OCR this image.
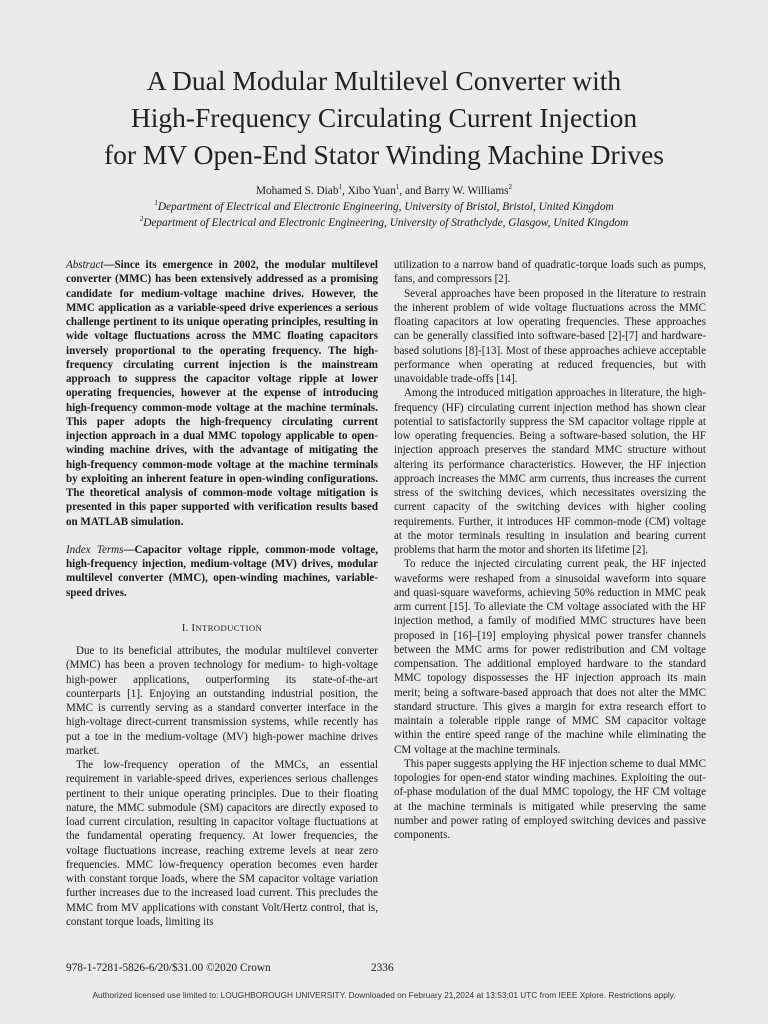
A Dual Modular Multilevel Converter with
High-Frequency Circulating Current Injection
for MV Open-End Stator Winding Machine Drives
Mohamed S. Diab$^1$, Xibo Yuan$^1$, and Barry W. Williams$^2$
$^1$Department of Electrical and Electronic Engineering, University of Bristol, Bristol, United Kingdom
$^2$Department of Electrical and Electronic Engineering, University of Strathclyde, Glasgow, United Kingdom

Abstract—Since its emergence in 2002, the modular multilevel converter (MMC) has been extensively addressed as a promising candidate for medium-voltage machine drives. However, the MMC application as a variable-speed drive experiences a serious challenge pertinent to its unique operating principles, resulting in wide voltage fluctuations across the MMC floating capacitors inversely proportional to the operating frequency. The high-frequency circulating current injection is the mainstream approach to suppress the capacitor voltage ripple at lower operating frequencies, however at the expense of introducing high-frequency common-mode voltage at the machine terminals. This paper adopts the high-frequency circulating current injection approach in a dual MMC topology applicable to open-winding machine drives, with the advantage of mitigating the high-frequency common-mode voltage at the machine terminals by exploiting an inherent feature in open-winding configurations. The theoretical analysis of common-mode voltage mitigation is presented in this paper supported with verification results based on MATLAB simulation.

Index Terms—Capacitor voltage ripple, common-mode voltage, high-frequency injection, medium-voltage (MV) drives, modular multilevel converter (MMC), open-winding machines, variable-speed drives.

I. INTRODUCTION

Due to its beneficial attributes, the modular multilevel converter (MMC) has been a proven technology for medium- to high-voltage high-power applications, outperforming its state-of-the-art counterparts [1]. Enjoying an outstanding industrial position, the MMC is currently serving as a standard converter interface in the high-voltage direct-current transmission systems, while recently has put a toe in the medium-voltage (MV) high-power machine drives market.

The low-frequency operation of the MMCs, an essential requirement in variable-speed drives, experiences serious challenges pertinent to their unique operating principles. Due to their floating nature, the MMC submodule (SM) capacitors are directly exposed to load current circulation, resulting in capacitor voltage fluctuations at the fundamental operating frequency. At lower frequencies, the voltage fluctuations increase, reaching extreme levels at near zero frequencies. MMC low-frequency operation becomes even harder with constant torque loads, where the SM capacitor voltage variation further increases due to the increased load current. This precludes the MMC from MV applications with constant Volt/Hertz control, that is, constant torque loads, limiting its

utilization to a narrow band of quadratic-torque loads such as pumps, fans, and compressors [2].

Several approaches have been proposed in the literature to restrain the inherent problem of wide voltage fluctuations across the MMC floating capacitors at low operating frequencies. These approaches can be generally classified into software-based [2]-[7] and hardware-based solutions [8]-[13]. Most of these approaches achieve acceptable performance when operating at reduced frequencies, but with unavoidable trade-offs [14].

Among the introduced mitigation approaches in literature, the high-frequency (HF) circulating current injection method has shown clear potential to satisfactorily suppress the SM capacitor voltage ripple at low operating frequencies. Being a software-based solution, the HF injection approach preserves the standard MMC structure without altering its performance characteristics. However, the HF injection approach increases the MMC arm currents, thus increases the current stress of the switching devices, which necessitates oversizing the current capacity of the switching devices with higher cooling requirements. Further, it introduces HF common-mode (CM) voltage at the motor terminals resulting in insulation and bearing current problems that harm the motor and shorten its lifetime [2].

To reduce the injected circulating current peak, the HF injected waveforms were reshaped from a sinusoidal waveform into square and quasi-square waveforms, achieving 50% reduction in MMC peak arm current [15]. To alleviate the CM voltage associated with the HF injection method, a family of modified MMC structures have been proposed in [16]–[19] employing physical power transfer channels between the MMC arms for power redistribution and CM voltage compensation. The additional employed hardware to the standard MMC topology dispossesses the HF injection approach its main merit; being a software-based approach that does not alter the MMC standard structure. This gives a margin for extra research effort to maintain a tolerable ripple range of MMC SM capacitor voltage within the entire speed range of the machine while eliminating the CM voltage at the machine terminals.

This paper suggests applying the HF injection scheme to dual MMC topologies for open-end stator winding machines. Exploiting the out-of-phase modulation of the dual MMC topology, the HF CM voltage at the machine terminals is mitigated while preserving the same number and power rating of employed switching devices and passive components.

978-1-7281-5826-6/20/$31.00 ©2020 Crown	2336
Authorized licensed use limited to: LOUGHBOROUGH UNIVERSITY. Downloaded on February 21,2024 at 13:53:01 UTC from IEEE Xplore. Restrictions apply.
